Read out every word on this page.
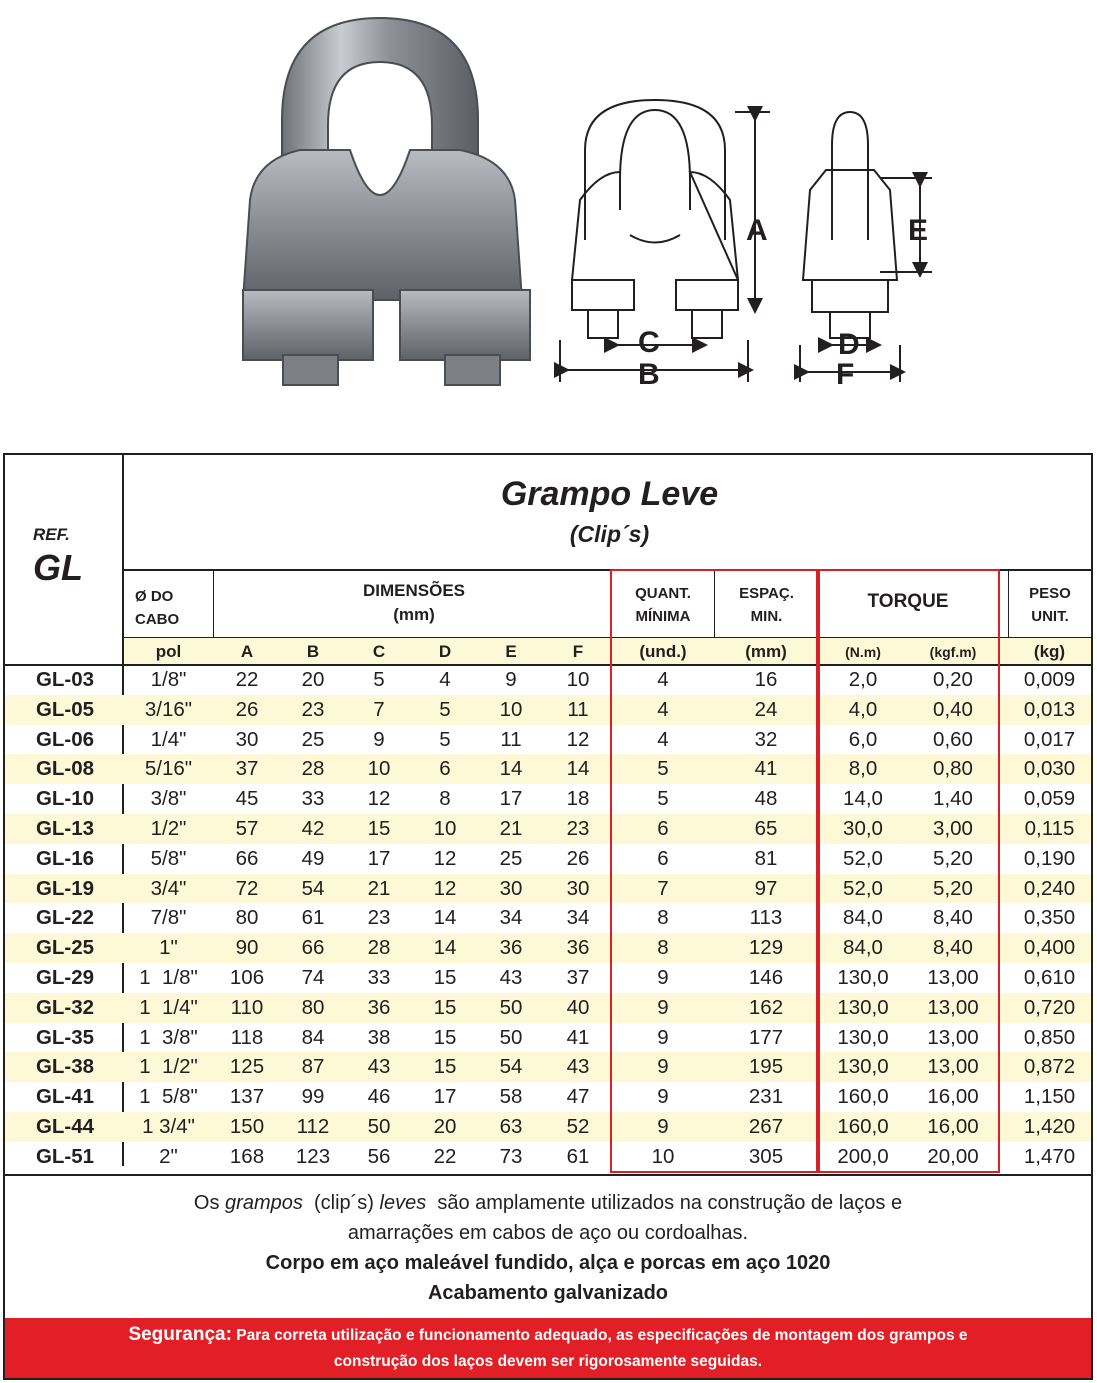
A
B
C	D
E
F
REF.
GL
Grampo Leve
(Clip´s)
Ø DO
CABO
DIMENSÕES
(mm)
QUANT.
MÍNIMA
ESPAÇ.
MIN.
TORQUE	PESO
UNIT.
pol	A	B	C	D	E	F	(und.)	(mm)	(N.m)	(kgf.m)	(kg)
GL-03	1/8"	22	20	5	4	9	10	4	16	2,0	0,20	0,009
GL-05	3/16"	26	23	7	5	10	11	4	24	4,0	0,40	0,013
GL-06	1/4"	30	25	9	5	11	12	4	32	6,0	0,60	0,017
GL-08	5/16"	37	28	10	6	14	14	5	41	8,0	0,80	0,030
GL-10	3/8"	45	33	12	8	17	18	5	48	14,0	1,40	0,059
GL-13	1/2"	57	42	15	10	21	23	6	65	30,0	3,00	0,115
GL-16	5/8"	66	49	17	12	25	26	6	81	52,0	5,20	0,190
GL-19	3/4"	72	54	21	12	30	30	7	97	52,0	5,20	0,240
GL-22	7/8"	80	61	23	14	34	34	8	113	84,0	8,40	0,350
GL-25	1"	90	66	28	14	36	36	8	129	84,0	8,40	0,400
GL-29	1  1/8"	106	74	33	15	43	37	9	146	130,0	13,00	0,610
GL-32	1  1/4"	110	80	36	15	50	40	9	162	130,0	13,00	0,720
GL-35	1  3/8"	118	84	38	15	50	41	9	177	130,0	13,00	0,850
GL-38	1  1/2"	125	87	43	15	54	43	9	195	130,0	13,00	0,872
GL-41	1  5/8"	137	99	46	17	58	47	9	231	160,0	16,00	1,150
GL-44	1 3/4"	150	112	50	20	63	52	9	267	160,0	16,00	1,420
GL-51	2"	168	123	56	22	73	61	10	305	200,0	20,00	1,470
Os grampos  (clip´s) leves  são amplamente utilizados na construção de laços e
amarrações em cabos de aço ou cordoalhas.
Corpo em aço maleável fundido, alça e porcas em aço 1020
Acabamento galvanizado
Segurança: Para correta utilização e funcionamento adequado, as especificações de montagem dos grampos e
construção dos laços devem ser rigorosamente seguidas.
